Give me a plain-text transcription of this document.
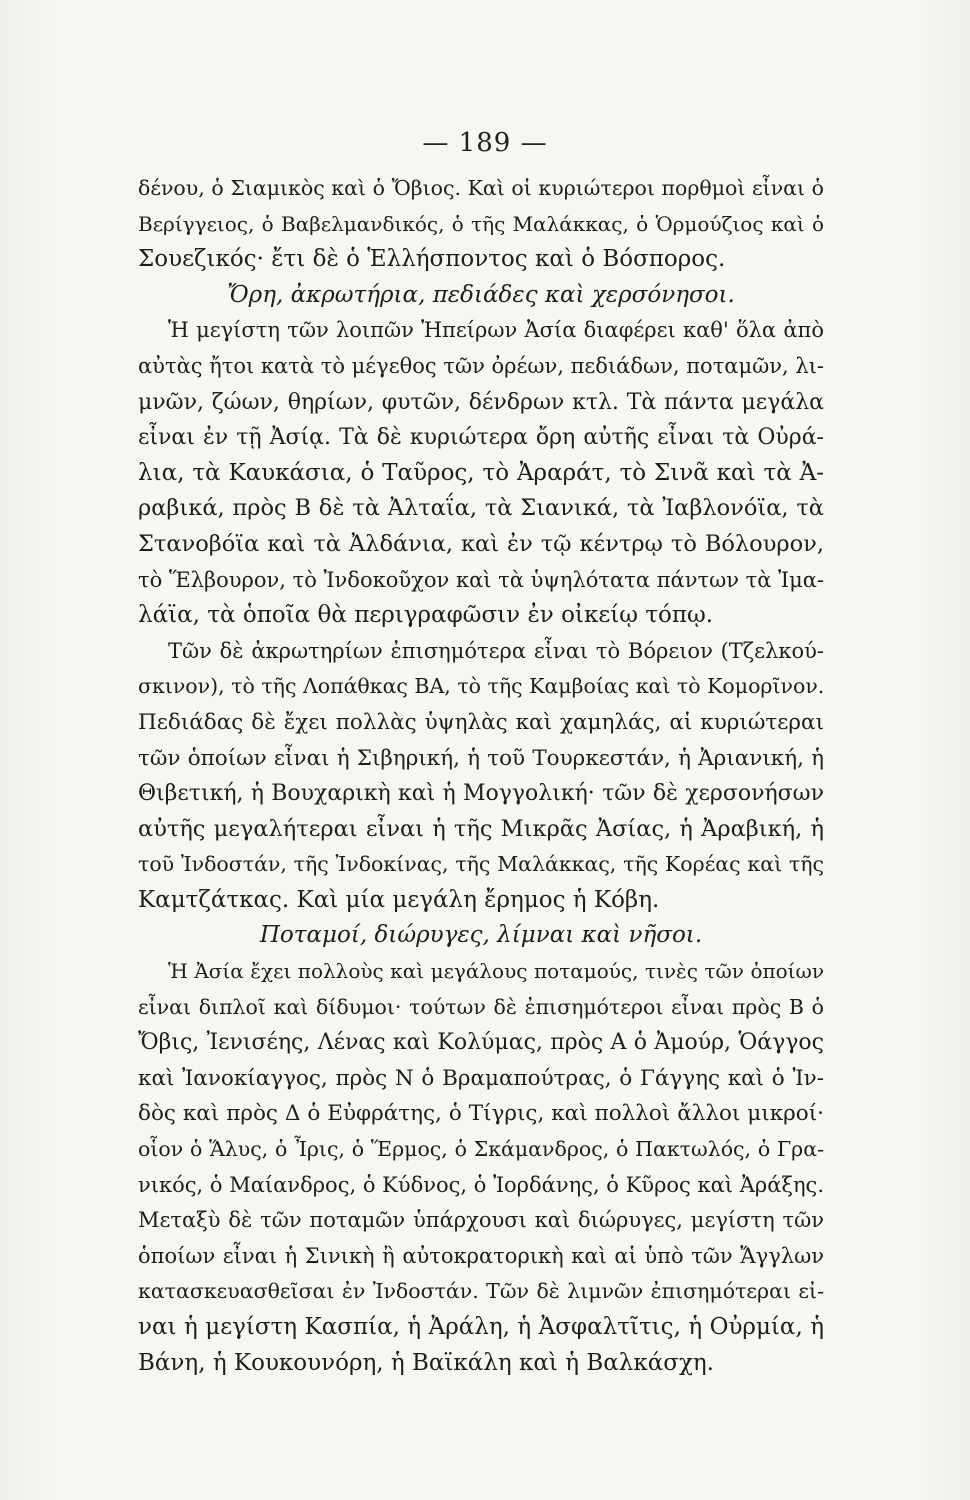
— 189 —
δένου, ὁ Σιαμικὸς καὶ ὁ Ὄβιος. Καὶ οἱ κυριώτεροι πορθμοὶ εἶναι ὁ
Βερίγγειος, ὁ Βαβελμανδικός, ὁ τῆς Μαλάκκας, ὁ Ὁρμούζιος καὶ ὁ
Σουεζικός· ἔτι δὲ ὁ Ἑλλήσποντος καὶ ὁ Βόσπορος.
Ὄρη, ἀκρωτήρια, πεδιάδες καὶ χερσόνησοι.
Ἡ μεγίστη τῶν λοιπῶν Ἠπείρων Ἀσία διαφέρει καθ' ὅλα ἀπὸ
αὐτὰς ἤτοι κατὰ τὸ μέγεθος τῶν ὀρέων, πεδιάδων, ποταμῶν, λι-
μνῶν, ζώων, θηρίων, φυτῶν, δένδρων κτλ. Τὰ πάντα μεγάλα
εἶναι ἐν τῇ Ἀσίᾳ. Τὰ δὲ κυριώτερα ὄρη αὐτῆς εἶναι τὰ Οὐρά-
λια, τὰ Καυκάσια, ὁ Ταῦρος, τὸ Ἀραράτ, τὸ Σινᾶ καὶ τὰ Ἀ-
ραβικά, πρὸς Β δὲ τὰ Ἀλταΐα, τὰ Σιανικά, τὰ Ἰαβλονόϊα, τὰ
Στανοβόϊα καὶ τὰ Ἀλδάνια, καὶ ἐν τῷ κέντρῳ τὸ Βόλουρον,
τὸ Ἕλβουρον, τὸ Ἰνδοκοῦχον καὶ τὰ ὑψηλότατα πάντων τὰ Ἰμα-
λάϊα, τὰ ὁποῖα θὰ περιγραφῶσιν ἐν οἰκείῳ τόπῳ.
Τῶν δὲ ἀκρωτηρίων ἐπισημότερα εἶναι τὸ Βόρειον (Τζελκού-
σκινον), τὸ τῆς Λοπάθκας ΒΑ, τὸ τῆς Καμβοίας καὶ τὸ Κομορῖνον.
Πεδιάδας δὲ ἔχει πολλὰς ὑψηλὰς καὶ χαμηλάς, αἱ κυριώτεραι
τῶν ὁποίων εἶναι ἡ Σιβηρική, ἡ τοῦ Τουρκεστάν, ἡ Ἀριανική, ἡ
Θιβετική, ἡ Βουχαρικὴ καὶ ἡ Μογγολική· τῶν δὲ χερσονήσων
αὐτῆς μεγαλήτεραι εἶναι ἡ τῆς Μικρᾶς Ἀσίας, ἡ Ἀραβική, ἡ
τοῦ Ἰνδοστάν, τῆς Ἰνδοκίνας, τῆς Μαλάκκας, τῆς Κορέας καὶ τῆς
Καμτζάτκας. Καὶ μία μεγάλη ἔρημος ἡ Κόβη.
Ποταμοί, διώρυγες, λίμναι καὶ νῆσοι.
Ἡ Ἀσία ἔχει πολλοὺς καὶ μεγάλους ποταμούς, τινὲς τῶν ὁποίων
εἶναι διπλοῖ καὶ δίδυμοι· τούτων δὲ ἐπισημότεροι εἶναι πρὸς Β ὁ
Ὄβις, Ἰενισέης, Λένας καὶ Κολύμας, πρὸς Α ὁ Ἀμούρ, Ὁάγγος
καὶ Ἰανοκίαγγος, πρὸς Ν ὁ Βραμαπούτρας, ὁ Γάγγης καὶ ὁ Ἰν-
δὸς καὶ πρὸς Δ ὁ Εὐφράτης, ὁ Τίγρις, καὶ πολλοὶ ἄλλοι μικροί·
οἷον ὁ Ἅλυς, ὁ Ἶρις, ὁ Ἕρμος, ὁ Σκάμανδρος, ὁ Πακτωλός, ὁ Γρα-
νικός, ὁ Μαίανδρος, ὁ Κύδνος, ὁ Ἰορδάνης, ὁ Κῦρος καὶ Ἀράξης.
Μεταξὺ δὲ τῶν ποταμῶν ὑπάρχουσι καὶ διώρυγες, μεγίστη τῶν
ὁποίων εἶναι ἡ Σινικὴ ἢ αὐτοκρατορικὴ καὶ αἱ ὑπὸ τῶν Ἄγγλων
κατασκευασθεῖσαι ἐν Ἰνδοστάν. Τῶν δὲ λιμνῶν ἐπισημότεραι εἰ-
ναι ἡ μεγίστη Κασπία, ἡ Ἀράλη, ἡ Ἀσφαλτῖτις, ἡ Οὐρμία, ἡ
Βάνη, ἡ Κουκουνόρη, ἡ Βαϊκάλη καὶ ἡ Βαλκάσχη.
